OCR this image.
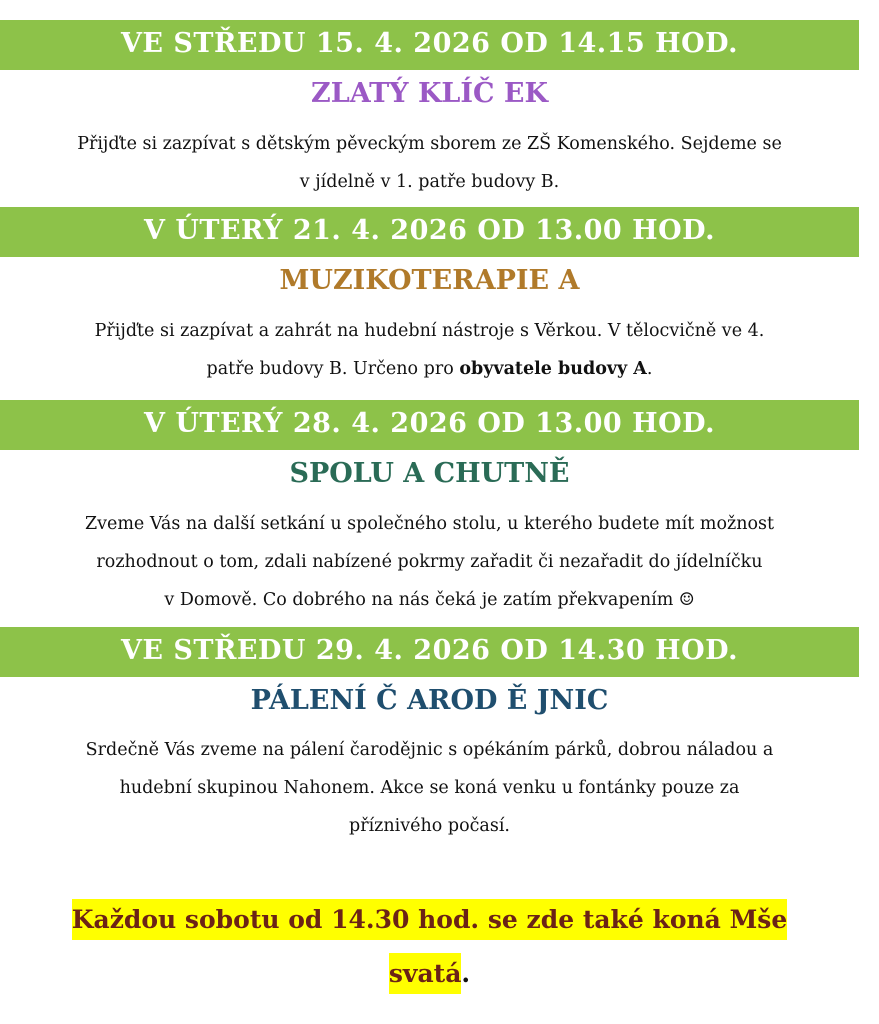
VE STŘEDU 15. 4. 2026 OD 14.15 HOD.
ZLATÝ KLÍČ EK
Přijďte si zazpívat s dětským pěveckým sborem ze ZŠ Komenského. Sejdeme se
v jídelně v 1. patře budovy B.
V ÚTERÝ 21. 4. 2026 OD 13.00 HOD.
MUZIKOTERAPIE A
Přijďte si zazpívat a zahrát na hudební nástroje s Věrkou. V tělocvičně ve 4.
patře budovy B. Určeno pro obyvatele budovy A.
V ÚTERÝ 28. 4. 2026 OD 13.00 HOD.
SPOLU A CHUTNĚ
Zveme Vás na další setkání u společného stolu, u kterého budete mít možnost
rozhodnout o tom, zdali nabízené pokrmy zařadit či nezařadit do jídelníčku
v Domově. Co dobrého na nás čeká je zatím překvapením ☺
VE STŘEDU 29. 4. 2026 OD 14.30 HOD.
PÁLENÍ Č AROD Ě JNIC
Srdečně Vás zveme na pálení čarodějnic s opékáním párků, dobrou náladou a
hudební skupinou Nahonem. Akce se koná venku u fontánky pouze za
příznivého počasí.
Každou sobotu od 14.30 hod. se zde také koná Mše
svatá.
